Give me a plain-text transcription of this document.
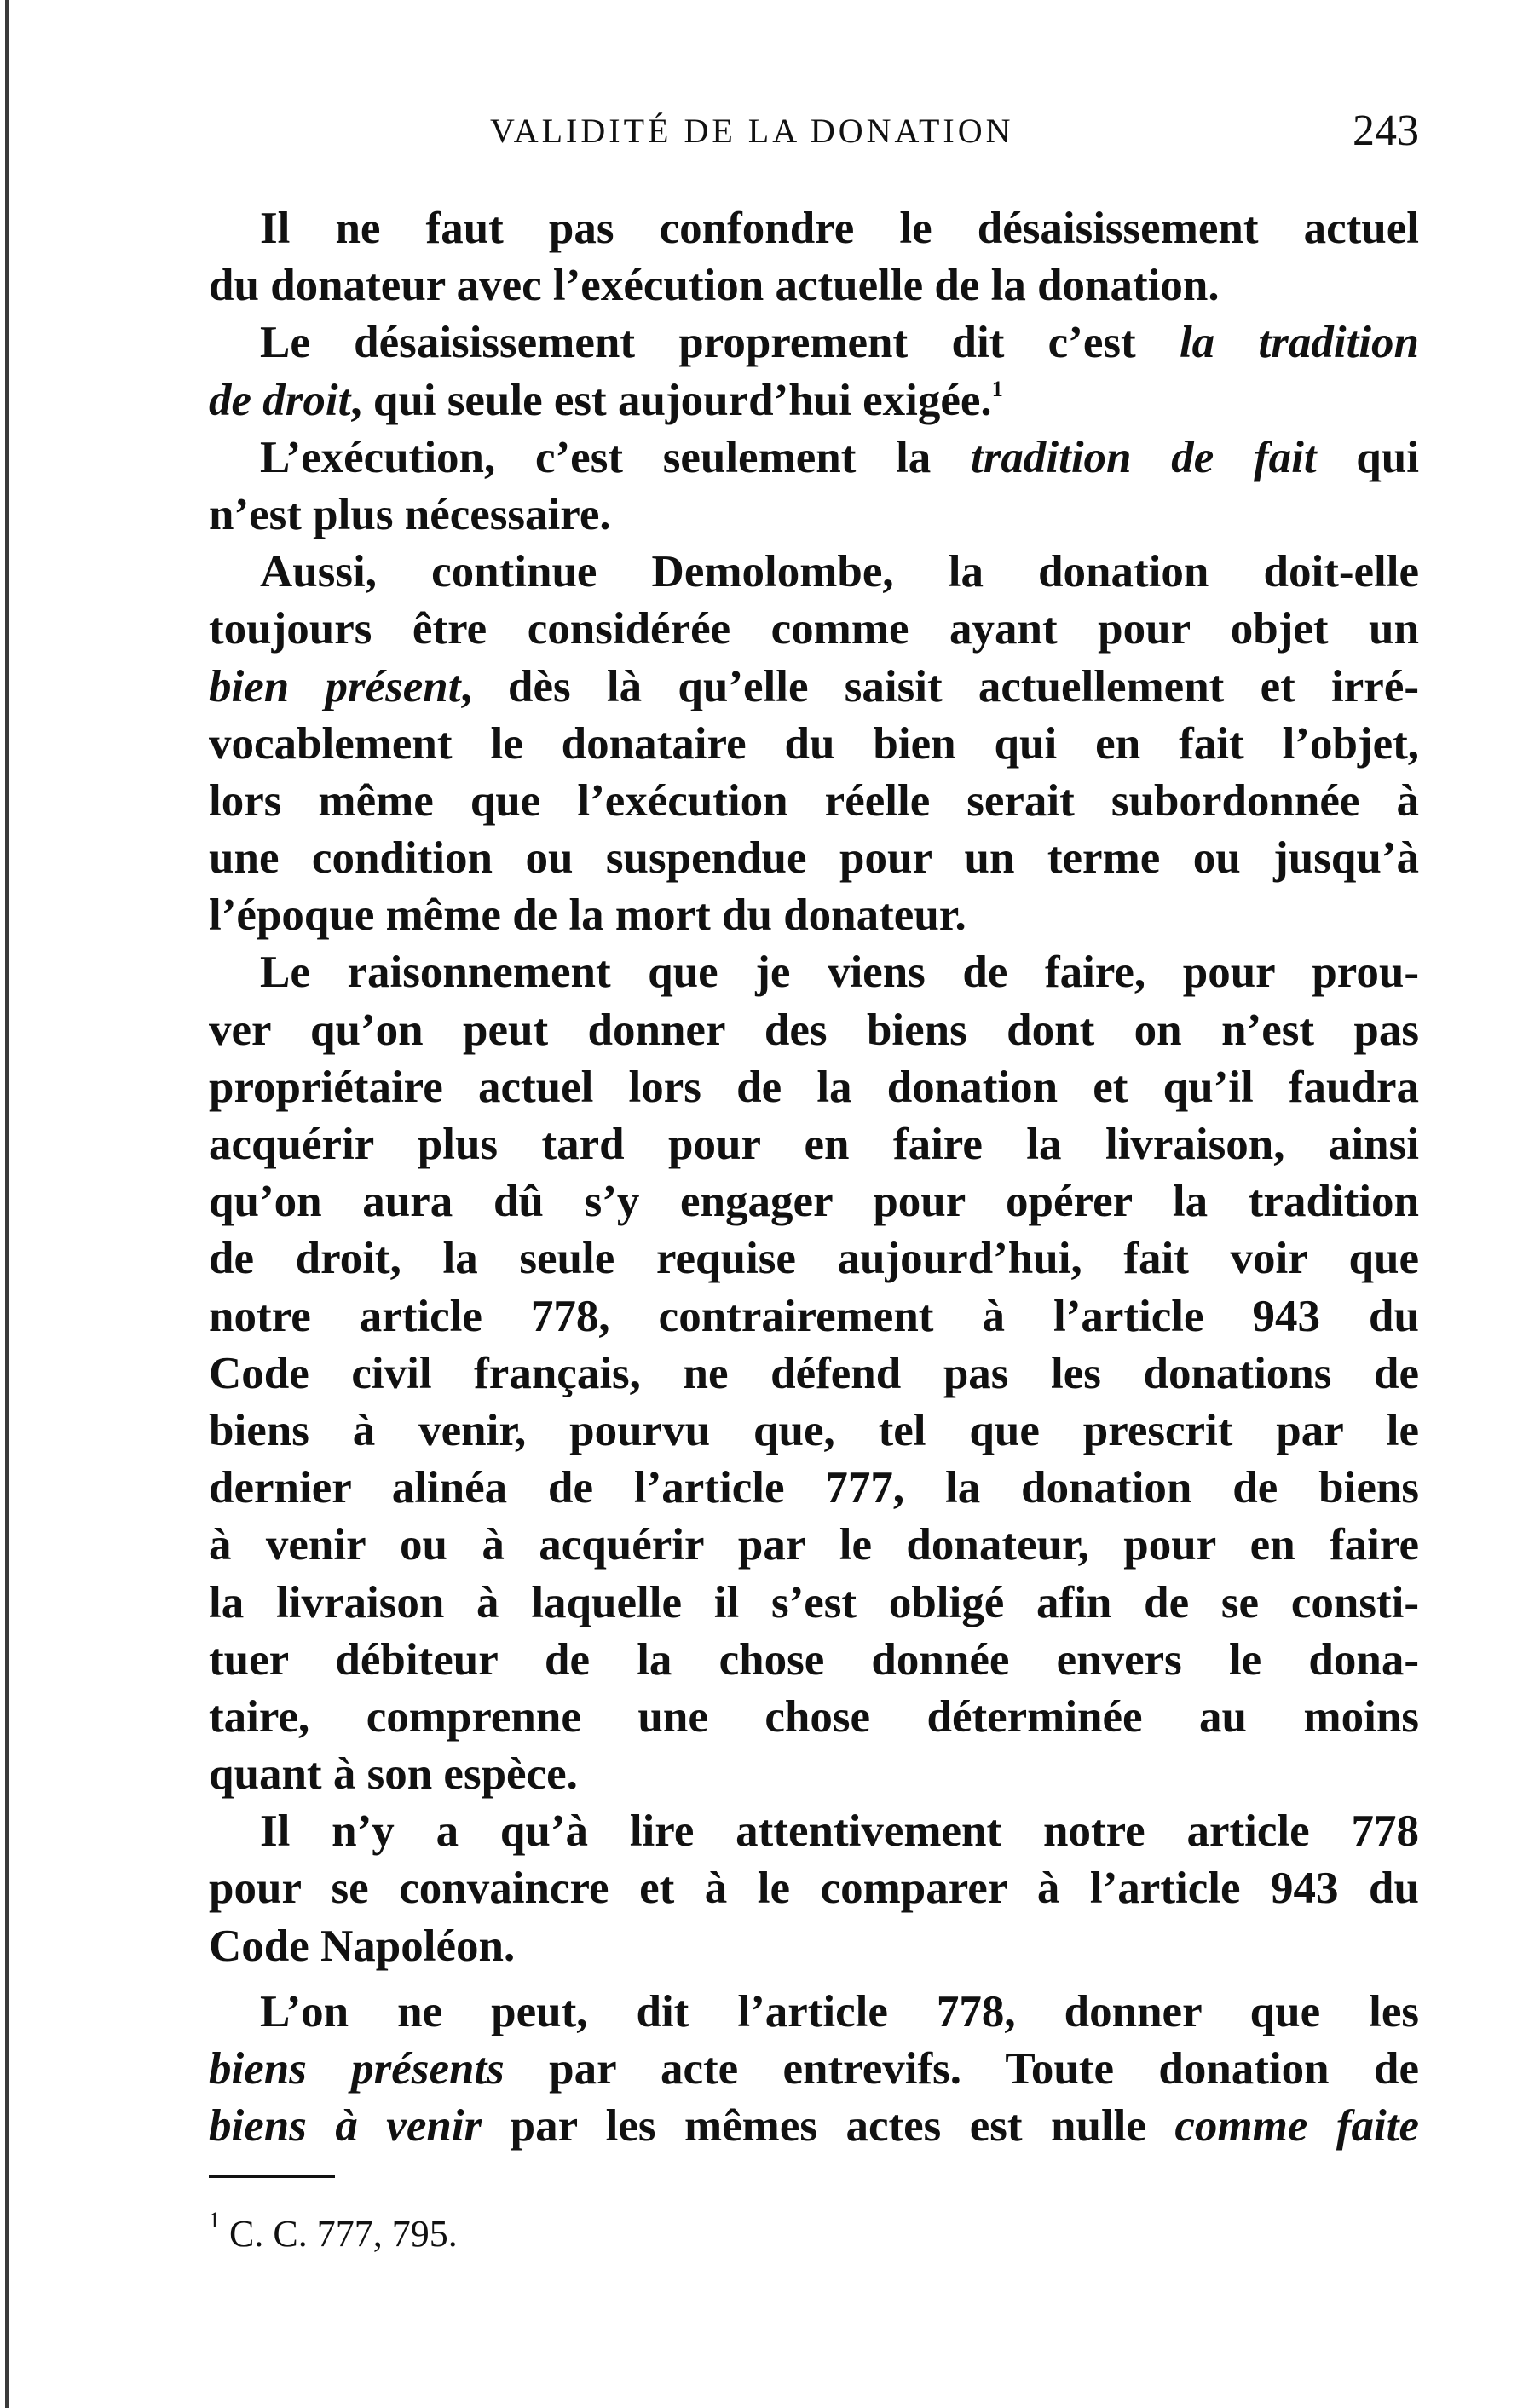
VALIDITÉ DE LA DONATION	243
Il ne faut pas confondre le désaisissement actuel
du donateur avec l’exécution actuelle de la donation.
Le désaisissement proprement dit c’est la tradition
de droit, qui seule est aujourd’hui exigée.$^1$
L’exécution, c’est seulement la tradition de fait qui
n’est plus nécessaire.
Aussi, continue Demolombe, la donation doit-elle
toujours être considérée comme ayant pour objet un
bien présent, dès là qu’elle saisit actuellement et irré-
vocablement le donataire du bien qui en fait l’objet,
lors même que l’exécution réelle serait subordonnée à
une condition ou suspendue pour un terme ou jusqu’à
l’époque même de la mort du donateur.
Le raisonnement que je viens de faire, pour prou-
ver qu’on peut donner des biens dont on n’est pas
propriétaire actuel lors de la donation et qu’il faudra
acquérir plus tard pour en faire la livraison, ainsi
qu’on aura dû s’y engager pour opérer la tradition
de droit, la seule requise aujourd’hui, fait voir que
notre article 778, contrairement à l’article 943 du
Code civil français, ne défend pas les donations de
biens à venir, pourvu que, tel que prescrit par le
dernier alinéa de l’article 777, la donation de biens
à venir ou à acquérir par le donateur, pour en faire
la livraison à laquelle il s’est obligé afin de se consti-
tuer débiteur de la chose donnée envers le dona-
taire, comprenne une chose déterminée au moins
quant à son espèce.
Il n’y a qu’à lire attentivement notre article 778
pour se convaincre et à le comparer à l’article 943 du
Code Napoléon.
L’on ne peut, dit l’article 778, donner que les
biens présents par acte entrevifs. Toute donation de
biens à venir par les mêmes actes est nulle comme faite
$^1$ C. C. 777, 795.
